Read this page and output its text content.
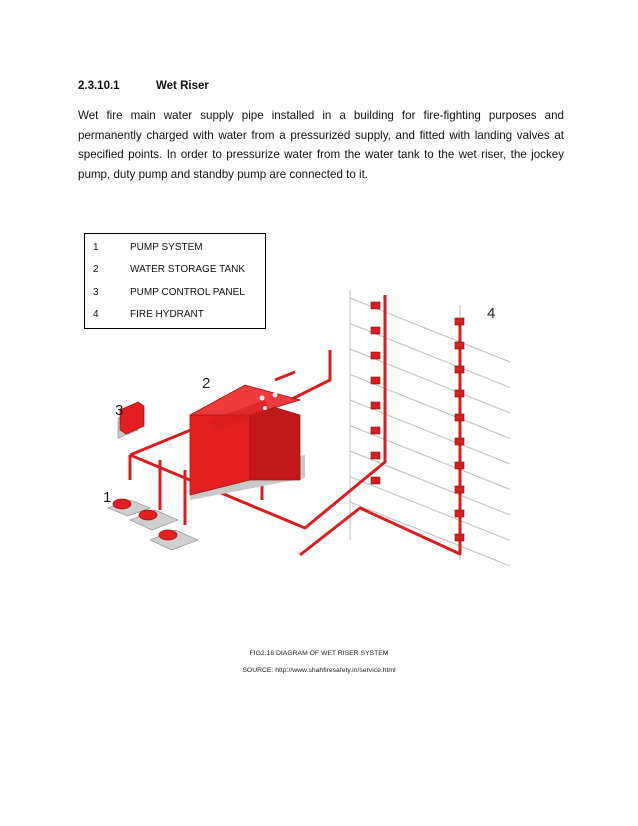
2.3.10.1	Wet Riser

Wet fire main water supply pipe installed in a building for fire-fighting purposes and permanently charged with water from a pressurized supply, and fitted with landing valves at specified points. In order to pressurize water from the water tank to the wet riser, the jockey pump, duty pump and standby pump are connected to it.

1	PUMP SYSTEM
2	WATER STORAGE TANK
3	PUMP CONTROL PANEL
4	FIRE HYDRANT
1
2
3
4
FIG2.18 DIAGRAM OF WET RISER SYSTEM
SOURCE: http://www.shahfiresafety.in/service.html
